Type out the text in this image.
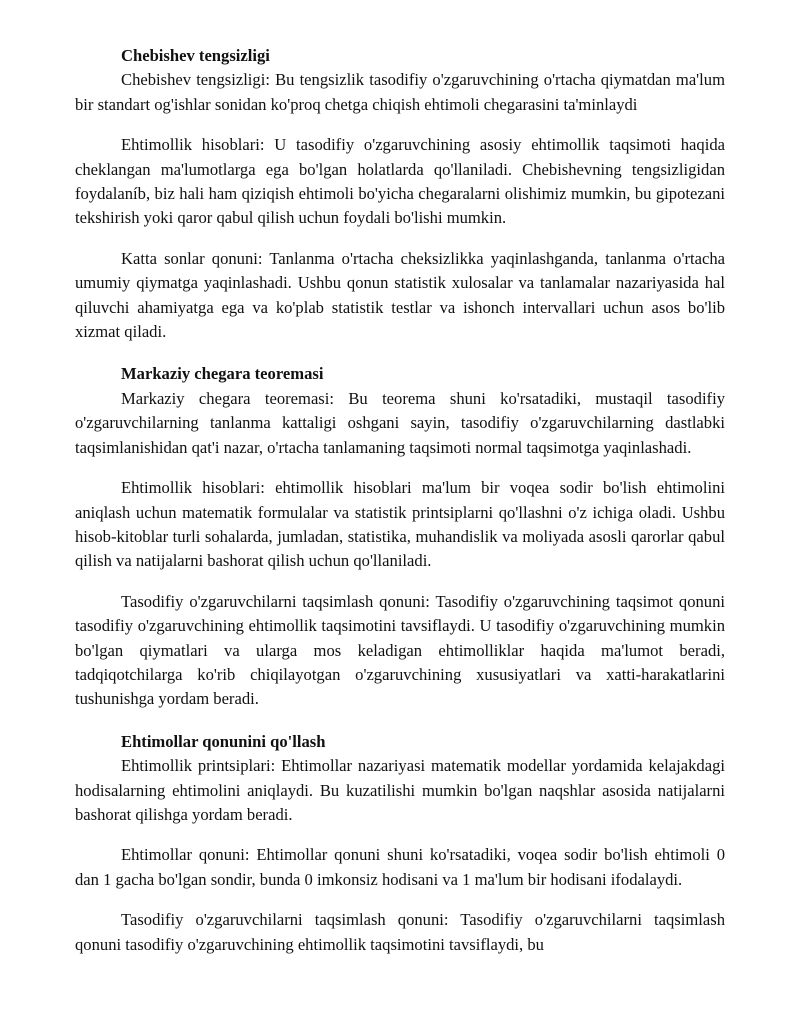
Chebishev tengsizligi

Chebishev tengsizligi: Bu tengsizlik tasodifiy o'zgaruvchining o'rtacha qiymatdan ma'lum bir standart og'ishlar sonidan ko'proq chetga chiqish ehtimoli chegarasini ta'minlaydi

Ehtimollik hisoblari: U tasodifiy o'zgaruvchining asosiy ehtimollik taqsimoti haqida cheklangan ma'lumotlarga ega bo'lgan holatlarda qo'llaniladi. Chebishevning tengsizligidan foydalaníb, biz hali ham qiziqish ehtimoli bo'yicha chegaralarni olishimiz mumkin, bu gipotezani tekshirish yoki qaror qabul qilish uchun foydali bo'lishi mumkin.

Katta sonlar qonuni: Tanlanma o'rtacha cheksizlikka yaqinlashganda, tanlanma o'rtacha umumiy qiymatga yaqinlashadi. Ushbu qonun statistik xulosalar va tanlamalar nazariyasida hal qiluvchi ahamiyatga ega va ko'plab statistik testlar va ishonch intervallari uchun asos bo'lib xizmat qiladi.

Markaziy chegara teoremasi

Markaziy chegara teoremasi: Bu teorema shuni ko'rsatadiki, mustaqil tasodifiy o'zgaruvchilarning tanlanma kattaligi oshgani sayin, tasodifiy o'zgaruvchilarning dastlabki taqsimlanishidan qat'i nazar, o'rtacha tanlamaning taqsimoti normal taqsimotga yaqinlashadi.

Ehtimollik hisoblari: ehtimollik hisoblari ma'lum bir voqea sodir bo'lish ehtimolini aniqlash uchun matematik formulalar va statistik printsiplarni qo'llashni o'z ichiga oladi. Ushbu hisob-kitoblar turli sohalarda, jumladan, statistika, muhandislik va moliyada asosli qarorlar qabul qilish va natijalarni bashorat qilish uchun qo'llaniladi.

Tasodifiy o'zgaruvchilarni taqsimlash qonuni: Tasodifiy o'zgaruvchining taqsimot qonuni tasodifiy o'zgaruvchining ehtimollik taqsimotini tavsiflaydi. U tasodifiy o'zgaruvchining mumkin bo'lgan qiymatlari va ularga mos keladigan ehtimolliklar haqida ma'lumot beradi, tadqiqotchilarga ko'rib chiqilayotgan o'zgaruvchining xususiyatlari va xatti-harakatlarini tushunishga yordam beradi.

Ehtimollar qonunini qo'llash

Ehtimollik printsiplari: Ehtimollar nazariyasi matematik modellar yordamida kelajakdagi hodisalarning ehtimolini aniqlaydi. Bu kuzatilishi mumkin bo'lgan naqshlar asosida natijalarni bashorat qilishga yordam beradi.

Ehtimollar qonuni: Ehtimollar qonuni shuni ko'rsatadiki, voqea sodir bo'lish ehtimoli 0 dan 1 gacha bo'lgan sondir, bunda 0 imkonsiz hodisani va 1 ma'lum bir hodisani ifodalaydi.

Tasodifiy o'zgaruvchilarni taqsimlash qonuni: Tasodifiy o'zgaruvchilarni taqsimlash qonuni tasodifiy o'zgaruvchining ehtimollik taqsimotini tavsiflaydi, bu
